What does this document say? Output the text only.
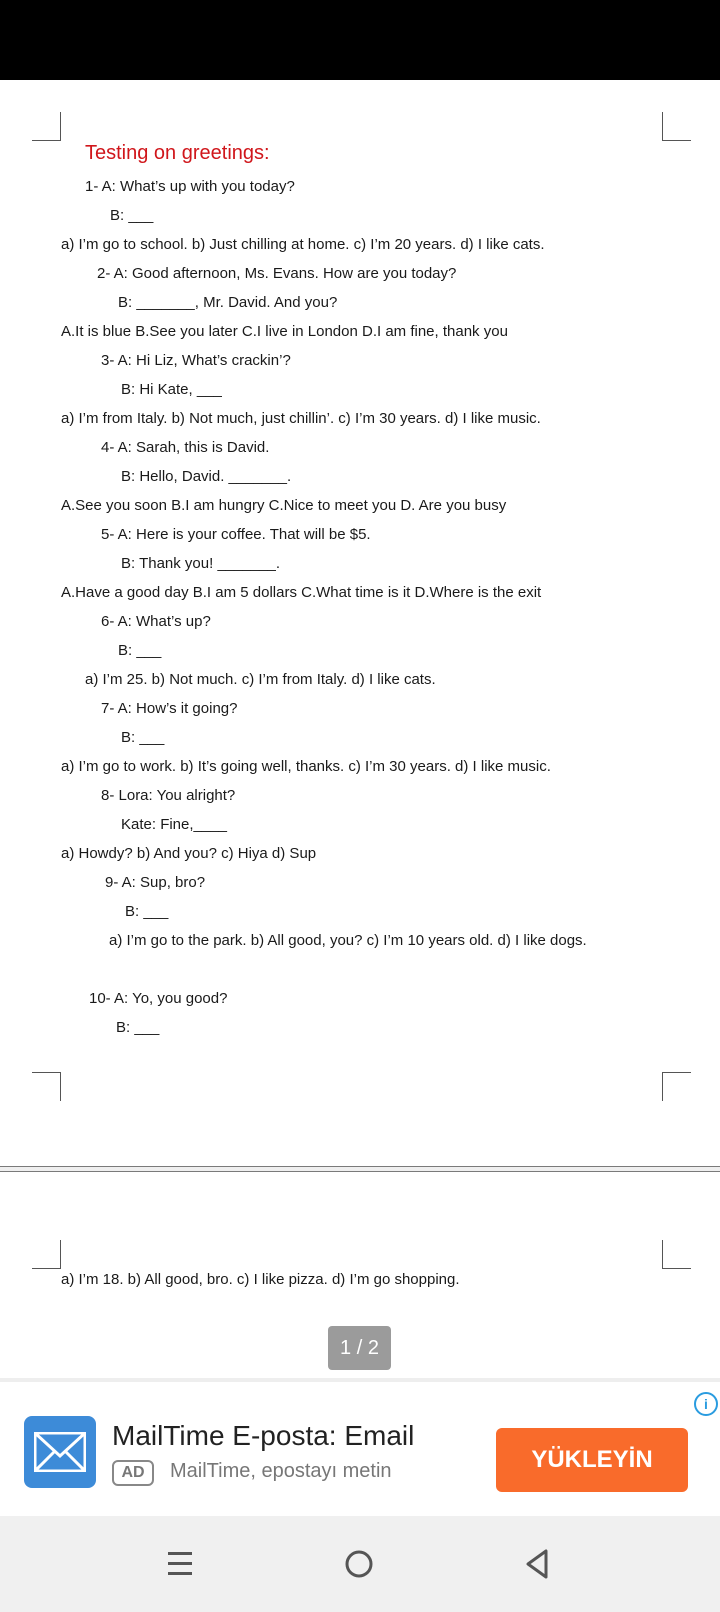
Testing on greetings:
1- A: What’s up with you today?
B: ___
a) I’m go to school. b) Just chilling at home. c) I’m 20 years. d) I like cats.
2- A: Good afternoon, Ms. Evans. How are you today?
B: _______, Mr. David. And you?
A.It is blue B.See you later C.I live in London D.I am fine, thank you
3- A: Hi Liz, What’s crackin’?
B: Hi Kate, ___
a) I’m from Italy. b) Not much, just chillin’. c) I’m 30 years. d) I like music.
4- A: Sarah, this is David.
B: Hello, David. _______.
A.See you soon B.I am hungry C.Nice to meet you D. Are you busy
5- A: Here is your coffee. That will be $5.
B: Thank you! _______.
A.Have a good day B.I am 5 dollars C.What time is it D.Where is the exit
6- A: What’s up?
B: ___
a) I’m 25. b) Not much. c) I’m from Italy. d) I like cats.
7- A: How’s it going?
B: ___
a) I’m go to work. b) It’s going well, thanks. c) I’m 30 years. d) I like music.
8- Lora: You alright?
Kate: Fine,____
a) Howdy? b) And you? c) Hiya d) Sup
9- A: Sup, bro?
B: ___
a) I’m go to the park. b) All good, you? c) I’m 10 years old. d) I like dogs.
10- A: Yo, you good?
B: ___
a) I’m 18. b) All good, bro. c) I like pizza. d) I’m go shopping.
1 / 2
i
MailTime E-posta: Email
AD	MailTime, epostayı metin	YÜKLEYİN
